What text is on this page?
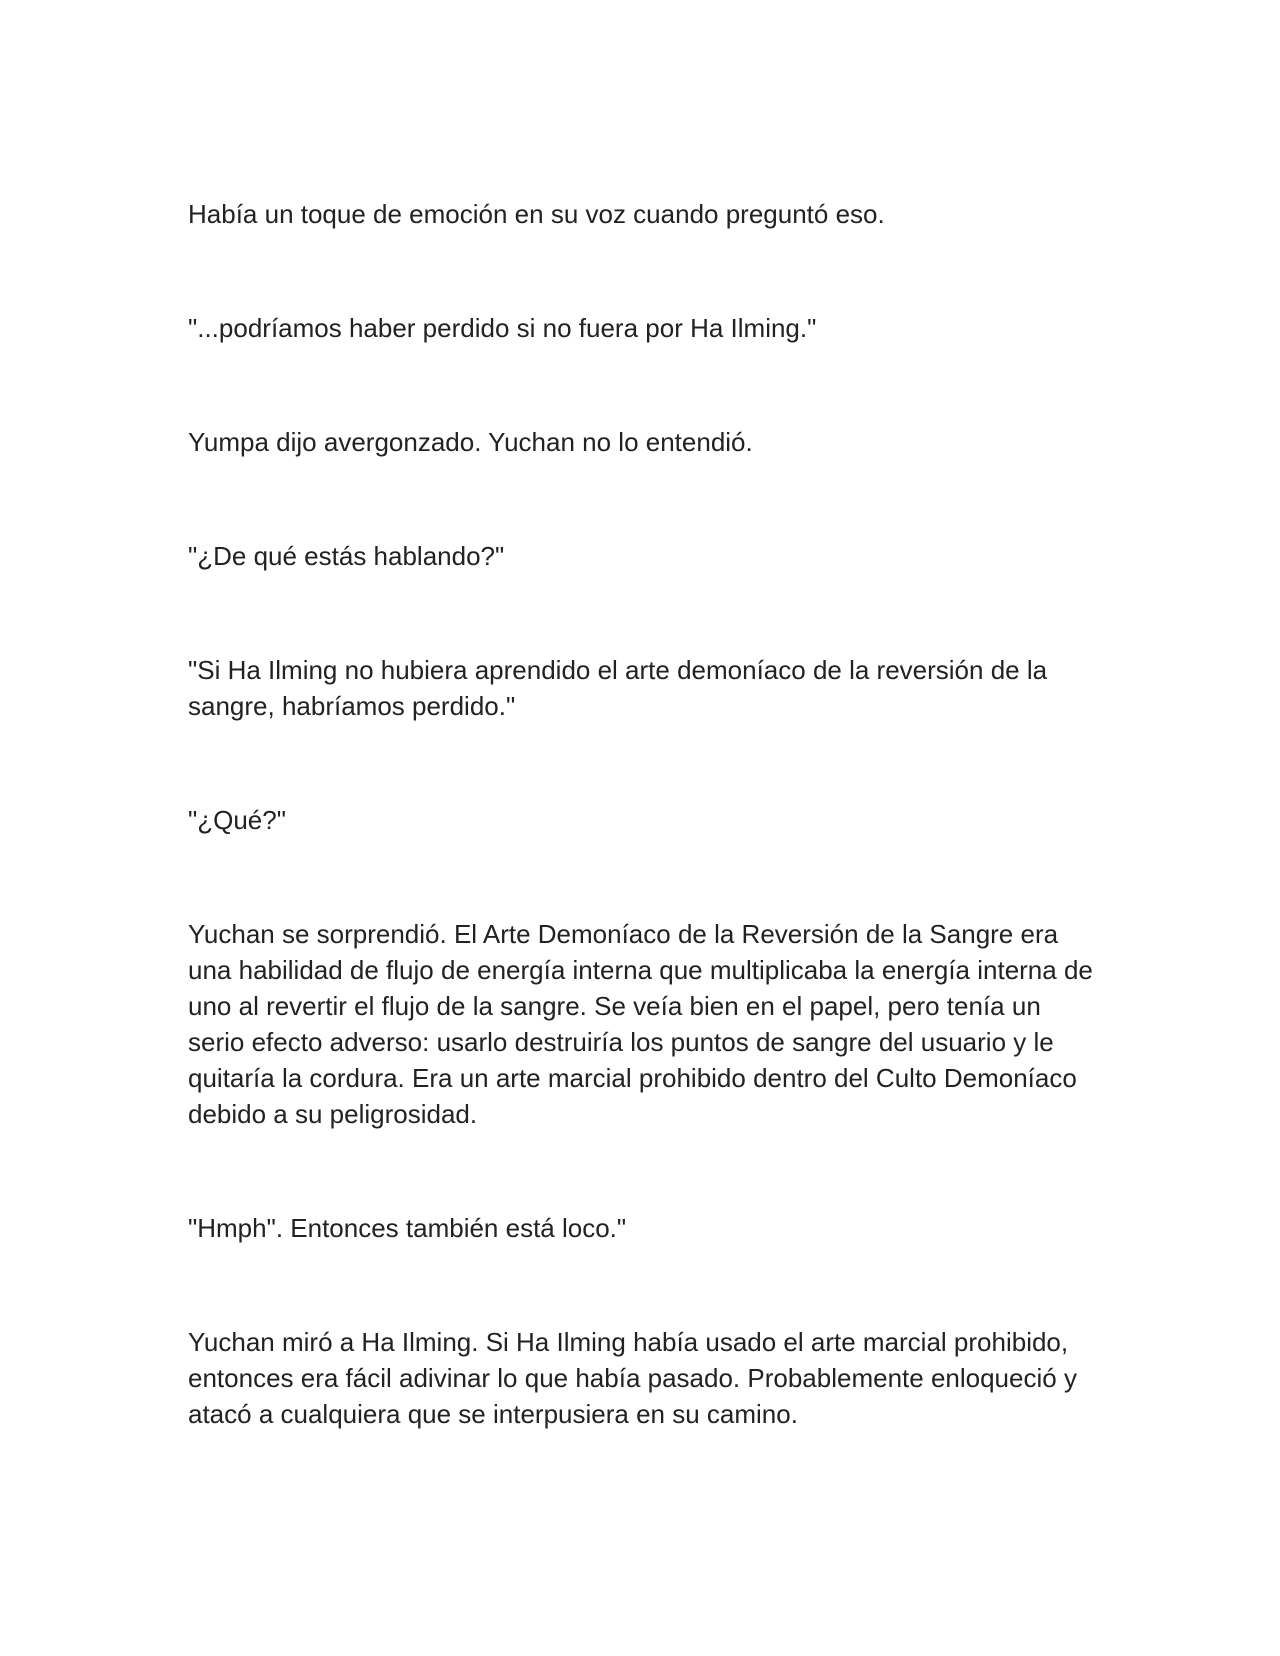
Había un toque de emoción en su voz cuando preguntó eso.

"...podríamos haber perdido si no fuera por Ha Ilming."

Yumpa dijo avergonzado. Yuchan no lo entendió.

"¿De qué estás hablando?"

"Si Ha Ilming no hubiera aprendido el arte demoníaco de la reversión de la sangre, habríamos perdido."

"¿Qué?"

Yuchan se sorprendió. El Arte Demoníaco de la Reversión de la Sangre era una habilidad de flujo de energía interna que multiplicaba la energía interna de uno al revertir el flujo de la sangre. Se veía bien en el papel, pero tenía un serio efecto adverso: usarlo destruiría los puntos de sangre del usuario y le quitaría la cordura. Era un arte marcial prohibido dentro del Culto Demoníaco debido a su peligrosidad.

"Hmph". Entonces también está loco."

Yuchan miró a Ha Ilming. Si Ha Ilming había usado el arte marcial prohibido, entonces era fácil adivinar lo que había pasado. Probablemente enloqueció y atacó a cualquiera que se interpusiera en su camino.
